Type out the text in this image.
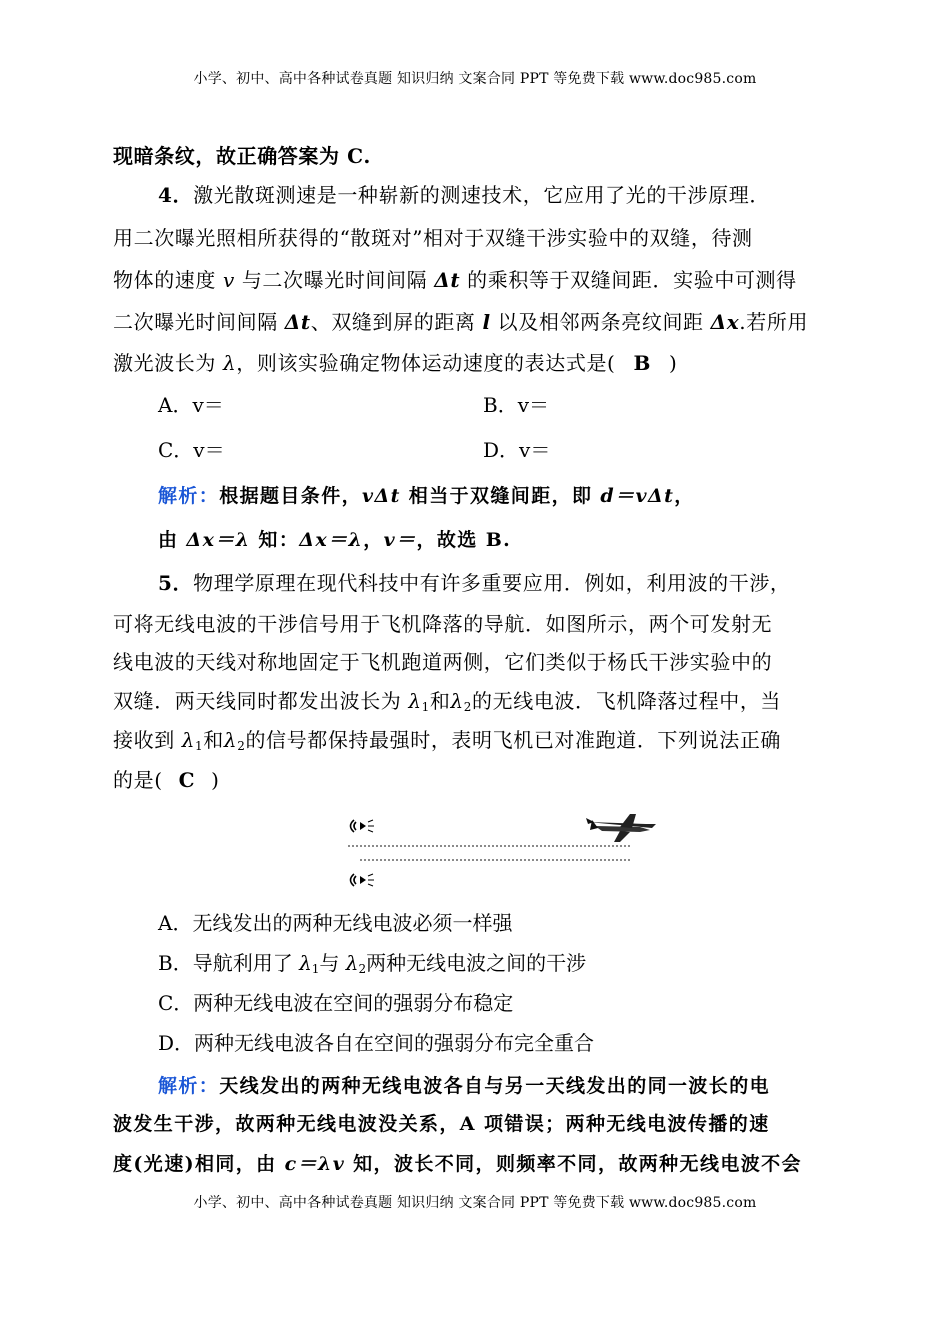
小学、初中、高中各种试卷真题 知识归纳 文案合同 PPT 等免费下载 www.doc985.com
现暗条纹，故正确答案为 C.
4．激光散斑测速是一种崭新的测速技术，它应用了光的干涉原理．
用二次曝光照相所获得的“散斑对”相对于双缝干涉实验中的双缝，待测
物体的速度 v 与二次曝光时间间隔 Δt 的乘积等于双缝间距．实验中可测得
二次曝光时间间隔 Δt、双缝到屏的距离 l 以及相邻两条亮纹间距 Δx.若所用
激光波长为 λ，则该实验确定物体运动速度的表达式是( B )
A．v＝	B．v＝
C．v＝	D．v＝
解析：根据题目条件，vΔt 相当于双缝间距，即 d＝vΔt，
由 Δx＝λ 知：Δx＝λ，v＝，故选 B.
5．物理学原理在现代科技中有许多重要应用．例如，利用波的干涉，
可将无线电波的干涉信号用于飞机降落的导航．如图所示，两个可发射无
线电波的天线对称地固定于飞机跑道两侧，它们类似于杨氏干涉实验中的
双缝．两天线同时都发出波长为 $\lambda_1$和$\lambda_2$的无线电波．飞机降落过程中，当
接收到 $\lambda_1$和$\lambda_2$的信号都保持最强时，表明飞机已对准跑道．下列说法正确
的是( C )
A．无线发出的两种无线电波必须一样强
B．导航利用了 $\lambda_1$与 $\lambda_2$两种无线电波之间的干涉
C．两种无线电波在空间的强弱分布稳定
D．两种无线电波各自在空间的强弱分布完全重合
解析：天线发出的两种无线电波各自与另一天线发出的同一波长的电
波发生干涉，故两种无线电波没关系，A 项错误；两种无线电波传播的速
度(光速)相同，由 c＝λv 知，波长不同，则频率不同，故两种无线电波不会
小学、初中、高中各种试卷真题 知识归纳 文案合同 PPT 等免费下载 www.doc985.com
